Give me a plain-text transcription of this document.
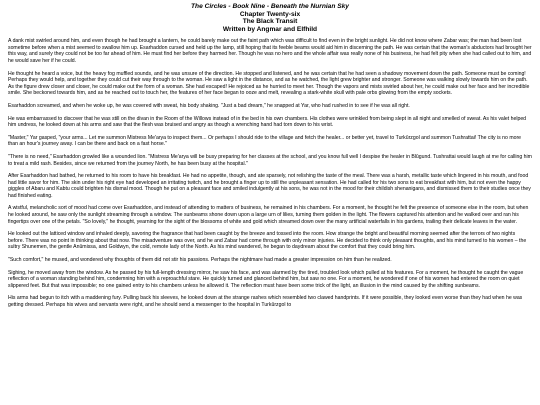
The Circles - Book Nine - Beneath the Nurnian Sky
Chapter Twenty-six
The Black Transit
Written by Angmar and Elfhild

A dank mist swirled around him, and even though he had brought a lantern, he could barely make out the faint path which was difficult to find even in the bright sunlight. He did not know where Zabar was; the man had been lost sometime before when a mist seemed to swallow him up. Esarhaddon cursed and held up the lamp, still hoping that its feeble beams would aid him in discerning the path. He was certain that the woman's abductors had brought her this way, and surely they could not be too far ahead of him. He must find her before they harmed her. Though he was no hero and the whole affair was really none of his business, he had felt pity when she had called out to him, and he would save her if he could.

He thought he heard a voice, but the heavy fog muffled sounds, and he was unsure of the direction. He stopped and listened, and he was certain that he had seen a shadowy movement down the path. Someone must be coming! Perhaps they would help, and together they could cut their way through to the woman. He saw a light in the distance, and as he watched, the light grew brighter and stronger. Someone was walking slowly towards him on the path. As the figure drew closer and closer, he could make out the form of a woman. She had escaped! He rejoiced as he hurried to meet her. Though the vapors and mists swirled about her, he could make out her face and her incredible smile. She beckoned towards him, and as he reached out to touch her, the features of her face began to ooze and melt, revealing a stark-white skull with pale orbs glowing from the empty sockets.

Esarhaddon screamed, and when he woke up, he was covered with sweat, his body shaking. "Just a bad dream," he snapped at Yar, who had rushed in to see if he was all right.

He was embarrassed to discover that he was still on the divan in the Room of the Willows instead of in the bed in his own chambers. His clothes were wrinkled from being slept in all night and smelled of sweat. As his valet helped him undress, he looked down at his arms and saw that the flesh was bruised and angry as though a wrenching hand had torn down to his wrist.

"Master," Yar gasped, "your arms... Let me summon Mistress Me'arya to inspect them... Or perhaps I should ride to the village and fetch the healer... or better yet, travel to Turkûrzgol and summon Tushrattai! The city is no more than an hour's journey away. I can be there and back on a fast horse."

"There is no need," Esarhaddon growled like a wounded lion. "Mistress Me'arya will be busy preparing for her classes at the school, and you know full well I despise the healer in Blûgund. Tushrattai would laugh at me for calling him to treat a mild rash. Besides, since we returned from the journey North, he has been busy at the hospital."

After Esarhaddon had bathed, he returned to his room to have his breakfast. He had no appetite, though, and ate sparsely, not relishing the taste of the meal. There was a harsh, metallic taste which lingered in his mouth, and food had little savor for him. The skin under his right eye had developed an irritating twitch, and he brought a finger up to still the unpleasant sensation. He had called for his two sons to eat breakfast with him, but not even the happy giggles of Abaru and Kabtu could brighten his dismal mood. Though he put on a pleasant face and smiled indulgently at his sons, he was not in the mood for their childish shenanigans, and dismissed them to their studies once they had finished eating.

A wistful, melancholic sort of mood had come over Esarhaddon, and instead of attending to matters of business, he remained in his chambers. For a moment, he thought he felt the presence of someone else in the room, but when he looked around, he saw only the sunlight streaming through a window. The sunbeams shone down upon a large urn of lilies, turning them golden in the light. The flowers captured his attention and he walked over and ran his fingertips over one of the petals. "So lovely," he thought, yearning for the sight of the blossoms of white and gold which streamed down over the many artificial waterfalls in his gardens, trailing their delicate leaves in the water.

He looked out the latticed window and inhaled deeply, savoring the fragrance that had been caught by the breeze and tossed into the room. How strange the bright and beautiful morning seemed after the terrors of two nights before. There was no point in thinking about that now. The misadventure was over, and he and Zabar had come through with only minor injuries. He decided to think only pleasant thoughts, and his mind turned to his women – the sultry Shunemen, the gentle Anûmissa, and Goldwyn, the cold, remote lady of the North. As his mind wandered, he began to daydream about the comfort that they could bring him.

"Such comfort," he mused, and wondered why thoughts of them did not stir his passions. Perhaps the nightmare had made a greater impression on him than he realized.

Sighing, he moved away from the window. As he passed by his full-length dressing mirror, he saw his face, and was alarmed by the tired, troubled look which pulled at his features. For a moment, he thought he caught the vague reflection of a woman standing behind him, condemning him with a reproachful stare. He quickly turned and glanced behind him, but saw no one. For a moment, he wondered if one of his women had entered the room on quiet slippered feet. But that was impossible; no one gained entry to his chambers unless he allowed it. The reflection must have been some trick of the light, an illusion in the mind caused by the shifting sunbeams.

His arms had begun to itch with a maddening fury. Pulling back his sleeves, he looked down at the strange rashes which resembled two clawed handprints. If it were possible, they looked even worse than they had when he was getting dressed. Perhaps his wives and servants were right, and he should send a messenger to the hospital in Turkûrzgol to
